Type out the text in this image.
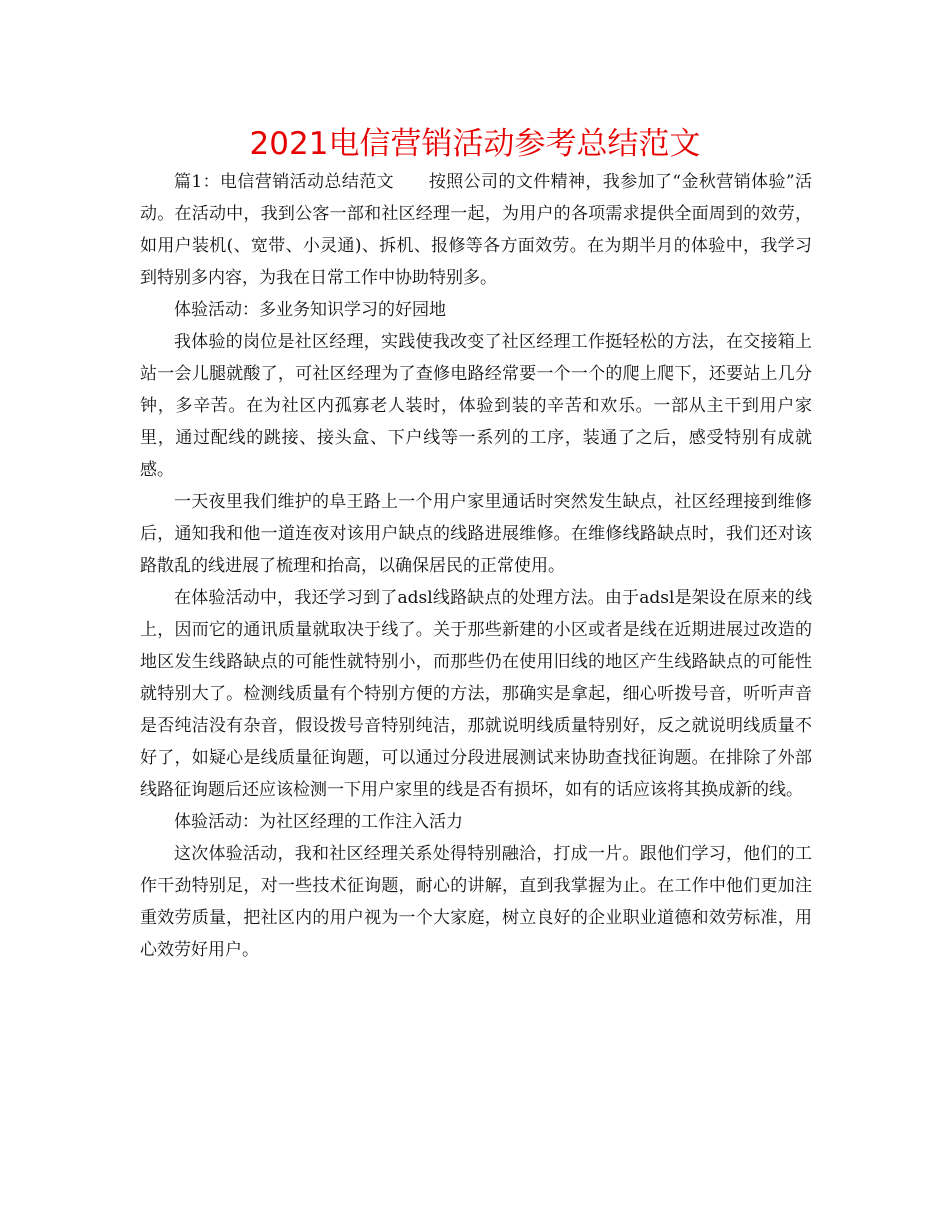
2021电信营销活动参考总结范文

篇1：电信营销活动总结范文　　按照公司的文件精神，我参加了“金秋营销体验”活动。在活动中，我到公客一部和社区经理一起，为用户的各项需求提供全面周到的效劳，如用户装机(、宽带、小灵通)、拆机、报修等各方面效劳。在为期半月的体验中，我学习到特别多内容，为我在日常工作中协助特别多。

体验活动：多业务知识学习的好园地

我体验的岗位是社区经理，实践使我改变了社区经理工作挺轻松的方法，在交接箱上站一会儿腿就酸了，可社区经理为了查修电路经常要一个一个的爬上爬下，还要站上几分钟，多辛苦。在为社区内孤寡老人装时，体验到装的辛苦和欢乐。一部从主干到用户家里，通过配线的跳接、接头盒、下户线等一系列的工序，装通了之后，感受特别有成就感。

一天夜里我们维护的阜王路上一个用户家里通话时突然发生缺点，社区经理接到维修后，通知我和他一道连夜对该用户缺点的线路进展维修。在维修线路缺点时，我们还对该路散乱的线进展了梳理和抬高，以确保居民的正常使用。

在体验活动中，我还学习到了adsl线路缺点的处理方法。由于adsl是架设在原来的线上，因而它的通讯质量就取决于线了。关于那些新建的小区或者是线在近期进展过改造的地区发生线路缺点的可能性就特别小，而那些仍在使用旧线的地区产生线路缺点的可能性就特别大了。检测线质量有个特别方便的方法，那确实是拿起，细心听拨号音，听听声音是否纯洁没有杂音，假设拨号音特别纯洁，那就说明线质量特别好，反之就说明线质量不好了，如疑心是线质量征询题，可以通过分段进展测试来协助查找征询题。在排除了外部线路征询题后还应该检测一下用户家里的线是否有损坏，如有的话应该将其换成新的线。

体验活动：为社区经理的工作注入活力

这次体验活动，我和社区经理关系处得特别融洽，打成一片。跟他们学习，他们的工作干劲特别足，对一些技术征询题，耐心的讲解，直到我掌握为止。在工作中他们更加注重效劳质量，把社区内的用户视为一个大家庭，树立良好的企业职业道德和效劳标准，用心效劳好用户。
